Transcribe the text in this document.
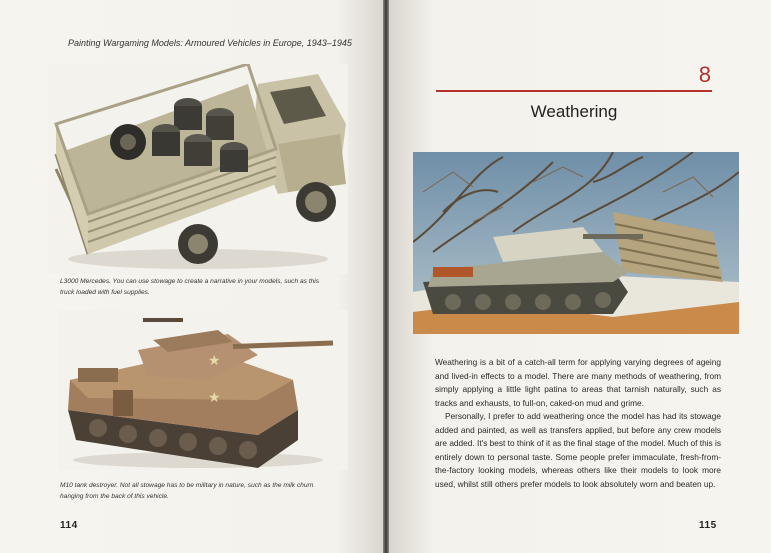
Painting Wargaming Models: Armoured Vehicles in Europe, 1943–1945
L3000 Mercedes. You can use stowage to create a narrative in your models, such as this truck loaded with fuel supplies.
★
★
M10 tank destroyer. Not all stowage has to be military in nature, such as the milk churn hanging from the back of this vehicle.
114
8
Weathering

Weathering is a bit of a catch-all term for applying varying degrees of ageing and lived-in effects to a model. There are many methods of weathering, from simply applying a little light patina to areas that tarnish naturally, such as tracks and exhausts, to full-on, caked-on mud and grime.

Personally, I prefer to add weathering once the model has had its stowage added and painted, as well as transfers applied, but before any crew models are added. It's best to think of it as the final stage of the model. Much of this is entirely down to personal taste. Some people prefer immaculate, fresh-from-the-factory looking models, whereas others like their models to look more used, whilst still others prefer models to look absolutely worn and beaten up.

115
